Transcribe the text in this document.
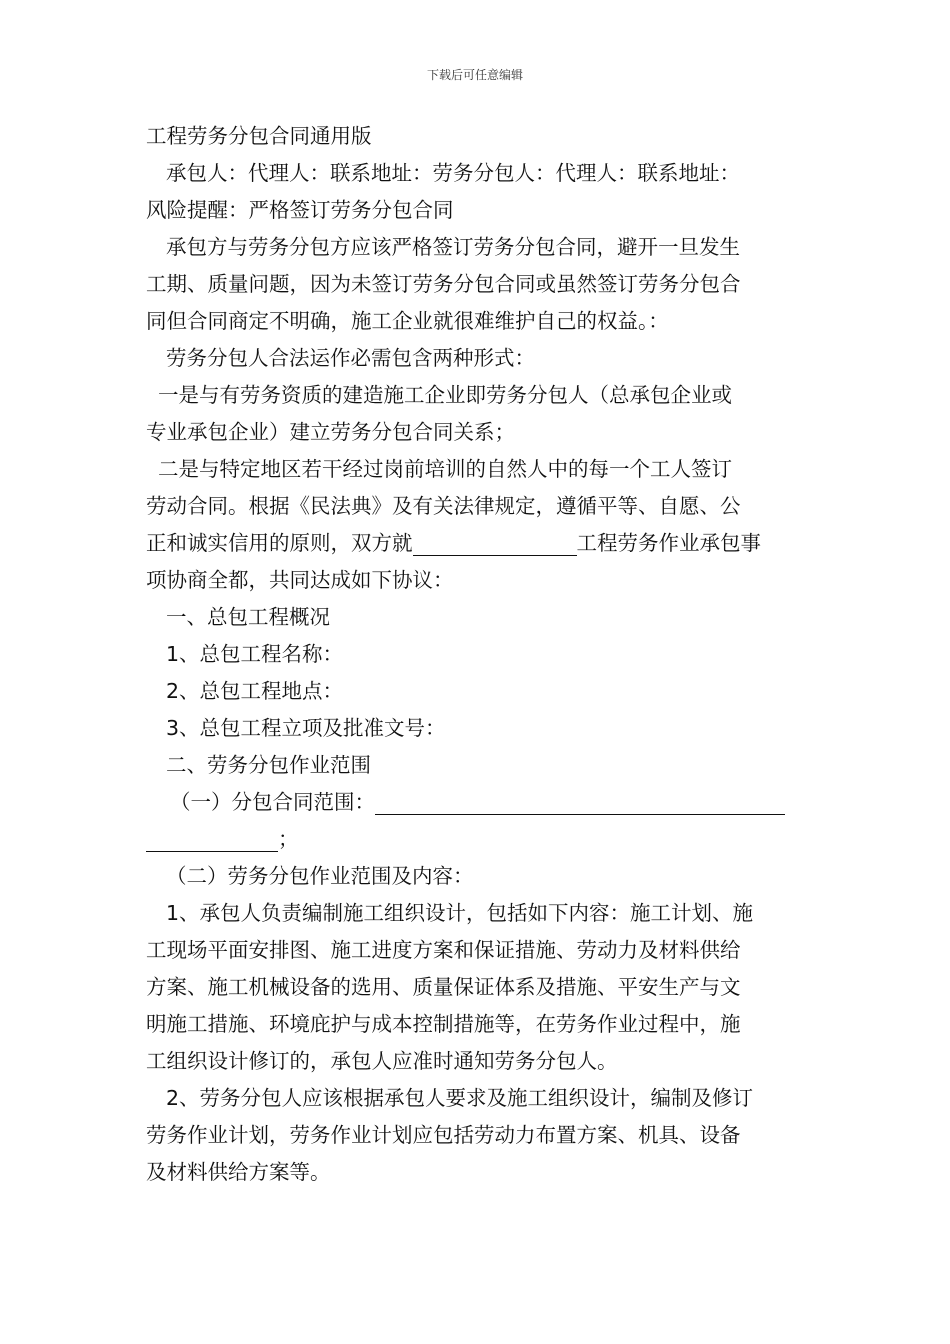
下载后可任意编辑

工程劳务分包合同通用版

承包人：代理人：联系地址：劳务分包人：代理人：联系地址：

风险提醒：严格签订劳务分包合同

承包方与劳务分包方应该严格签订劳务分包合同，避开一旦发生

工期、质量问题，因为未签订劳务分包合同或虽然签订劳务分包合

同但合同商定不明确，施工企业就很难维护自己的权益。：

劳务分包人合法运作必需包含两种形式：

一是与有劳务资质的建造施工企业即劳务分包人（总承包企业或

专业承包企业）建立劳务分包合同关系；

二是与特定地区若干经过岗前培训的自然人中的每一个工人签订

劳动合同。根据《民法典》及有关法律规定，遵循平等、自愿、公

正和诚实信用的原则，双方就	工程劳务作业承包事

项协商全都，共同达成如下协议：

一、总包工程概况

1、总包工程名称：

2、总包工程地点：

3、总包工程立项及批准文号：

二、劳务分包作业范围

（一）分包合同范围：

；

（二）劳务分包作业范围及内容：

1、承包人负责编制施工组织设计，包括如下内容：施工计划、施

工现场平面安排图、施工进度方案和保证措施、劳动力及材料供给

方案、施工机械设备的选用、质量保证体系及措施、平安生产与文

明施工措施、环境庇护与成本控制措施等，在劳务作业过程中，施

工组织设计修订的，承包人应准时通知劳务分包人。

2、劳务分包人应该根据承包人要求及施工组织设计，编制及修订

劳务作业计划，劳务作业计划应包括劳动力布置方案、机具、设备

及材料供给方案等。
